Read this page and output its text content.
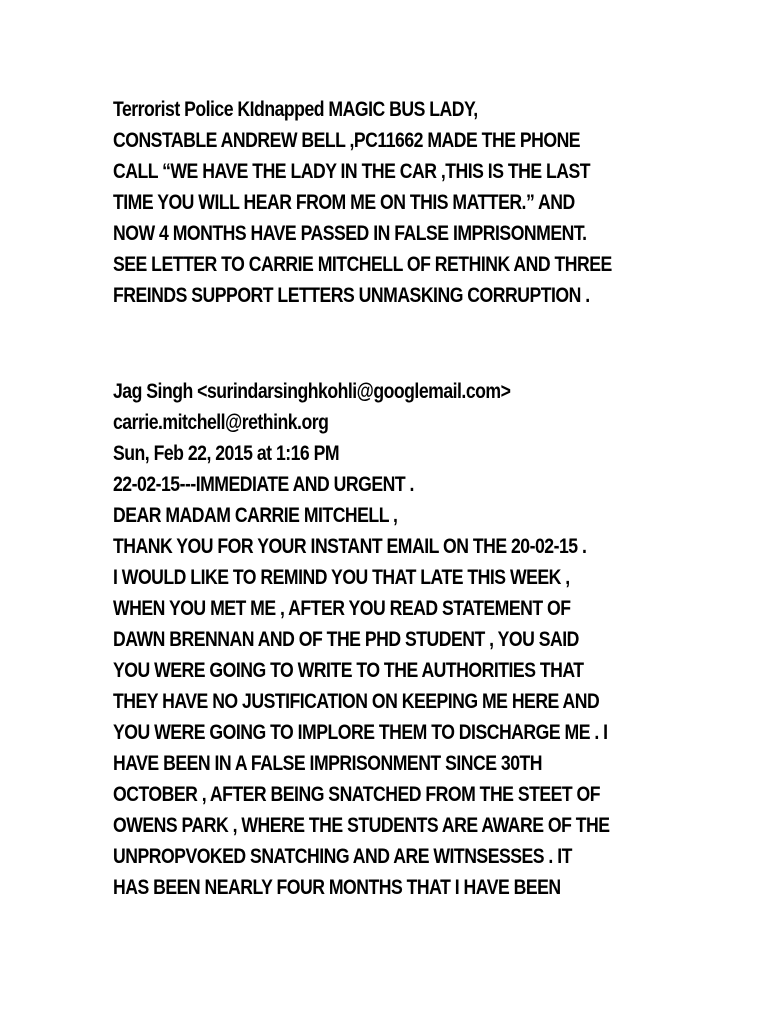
Terrorist Police KIdnapped MAGIC BUS LADY,
CONSTABLE ANDREW BELL ,PC11662 MADE THE PHONE
CALL “WE HAVE THE LADY IN THE CAR ,THIS IS THE LAST
TIME YOU WILL HEAR FROM ME ON THIS MATTER.” AND
NOW 4 MONTHS HAVE PASSED IN FALSE IMPRISONMENT.
SEE LETTER TO CARRIE MITCHELL OF RETHINK AND THREE
FREINDS SUPPORT LETTERS UNMASKING CORRUPTION .
Jag Singh <surindarsinghkohli@googlemail.com>
carrie.mitchell@rethink.org
Sun, Feb 22, 2015 at 1:16 PM
22-02-15---IMMEDIATE AND URGENT .
DEAR MADAM CARRIE MITCHELL ,
THANK YOU FOR YOUR INSTANT EMAIL ON THE 20-02-15 .
I WOULD LIKE TO REMIND YOU THAT LATE THIS WEEK ,
WHEN YOU MET ME , AFTER YOU READ STATEMENT OF
DAWN BRENNAN AND OF THE PHD STUDENT , YOU SAID
YOU WERE GOING TO WRITE TO THE AUTHORITIES THAT
THEY HAVE NO JUSTIFICATION ON KEEPING ME HERE AND
YOU WERE GOING TO IMPLORE THEM TO DISCHARGE ME . I
HAVE BEEN IN A FALSE IMPRISONMENT SINCE 30TH
OCTOBER , AFTER BEING SNATCHED FROM THE STEET OF
OWENS PARK , WHERE THE STUDENTS ARE AWARE OF THE
UNPROPVOKED SNATCHING AND ARE WITNSESSES . IT
HAS BEEN NEARLY FOUR MONTHS THAT I HAVE BEEN
